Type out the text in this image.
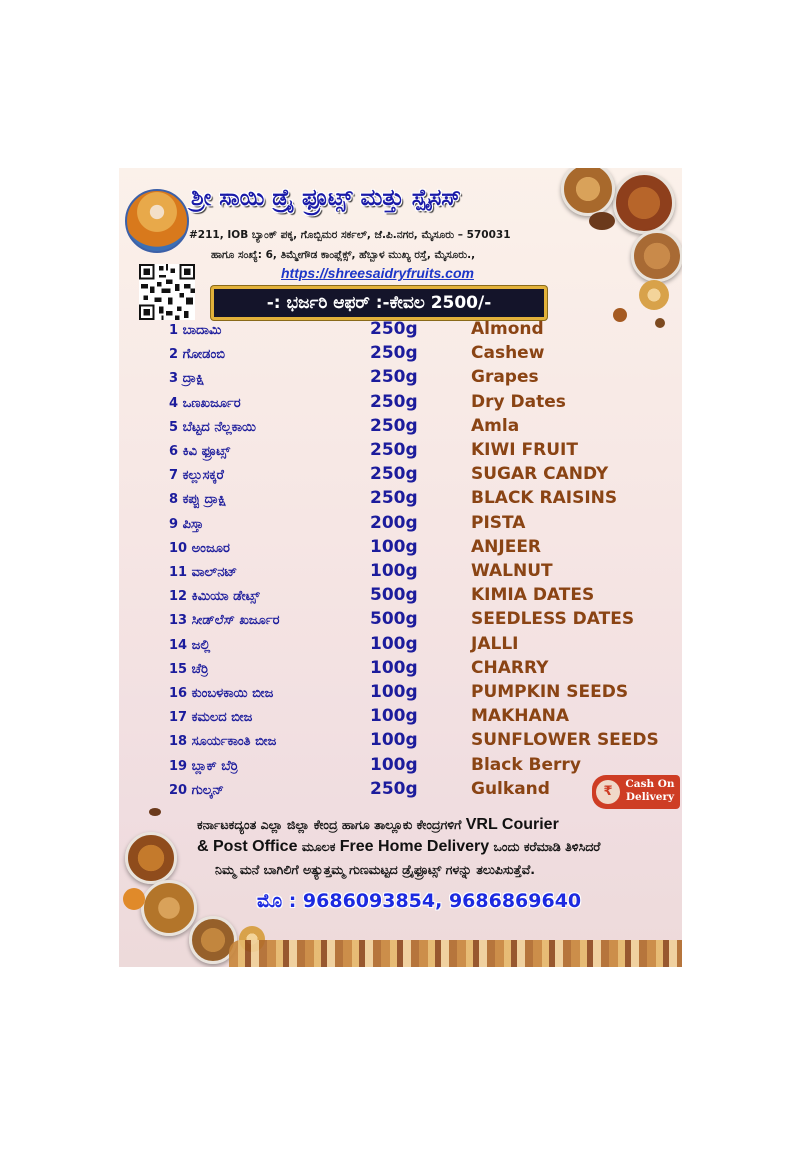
ಶ್ರೀ ಸಾಯಿ ಡ್ರೈ ಫ್ರೂಟ್ಸ್ ಮತ್ತು ಸ್ಪೈಸಸ್
#211, IOB ಬ್ಯಾಂಕ್ ಪಕ್ಕ, ಗೊಬ್ಬಿಮರ ಸರ್ಕಲ್, ಜೆ.ಪಿ.ನಗರ, ಮೈಸೂರು – 570031
ಹಾಗೂ ಸಂಖ್ಯೆ: 6, ತಿಮ್ಮೇಗೌಡ ಕಾಂಪ್ಲೆಕ್ಸ್, ಹೆಬ್ಬಾಳ ಮುಖ್ಯ ರಸ್ತೆ, ಮೈಸೂರು.,
https://shreesaidryfruits.com
-: ಭರ್ಜರಿ ಆಫರ್ :-ಕೇವಲ 2500/-
1 ಬಾದಾಮಿ	250g	Almond
2 ಗೋಡಂಬಿ	250g	Cashew
3 ದ್ರಾಕ್ಷಿ	250g	Grapes
4 ಒಣಖರ್ಜೂರ	250g	Dry Dates
5 ಬೆಟ್ಟದ ನೆಲ್ಲಕಾಯಿ	250g	Amla
6 ಕಿವಿ ಫ್ರೂಟ್ಸ್	250g	KIWI FRUIT
7 ಕಲ್ಲುಸಕ್ಕರೆ	250g	SUGAR CANDY
8 ಕಪ್ಪು ದ್ರಾಕ್ಷಿ	250g	BLACK RAISINS
9 ಪಿಸ್ತಾ	200g	PISTA
10 ಅಂಜೂರ	100g	ANJEER
11 ವಾಲ್‌ನಟ್	100g	WALNUT
12 ಕಿಮಿಯಾ ಡೇಟ್ಸ್	500g	KIMIA DATES
13 ಸೀಡ್‌ಲೆಸ್ ಖರ್ಜೂರ	500g	SEEDLESS DATES
14 ಜಲ್ಲಿ	100g	JALLI
15 ಚೆರ್ರಿ	100g	CHARRY
16 ಕುಂಬಳಕಾಯಿ ಬೀಜ	100g	PUMPKIN SEEDS
17 ಕಮಲದ ಬೀಜ	100g	MAKHANA
18 ಸೂರ್ಯಕಾಂತಿ ಬೀಜ	100g	SUNFLOWER SEEDS
19 ಬ್ಲಾಕ್ ಬೆರ್ರಿ	100g	Black Berry
20 ಗುಲ್ಕನ್	250g	Gulkand	₹	Cash On Delivery
ಕರ್ನಾಟಕದ್ಯಂತ ಎಲ್ಲಾ ಜಿಲ್ಲಾ ಕೇಂದ್ರ ಹಾಗೂ ತಾಲ್ಲೂಕು ಕೇಂದ್ರಗಳಿಗೆ VRL Courier
& Post Office ಮೂಲಕ Free Home Delivery ಒಂದು ಕರೆಮಾಡಿ ತಿಳಿಸಿದರೆ
ನಿಮ್ಮ ಮನೆ ಬಾಗಿಲಿಗೆ ಅತ್ಯುತ್ತಮ್ಮ ಗುಣಮಟ್ಟದ ಡ್ರೈಫ್ರೂಟ್ಸ್ ಗಳನ್ನು ತಲುಪಿಸುತ್ತೆವೆ.
ಮೊ : 9686093854, 9686869640
